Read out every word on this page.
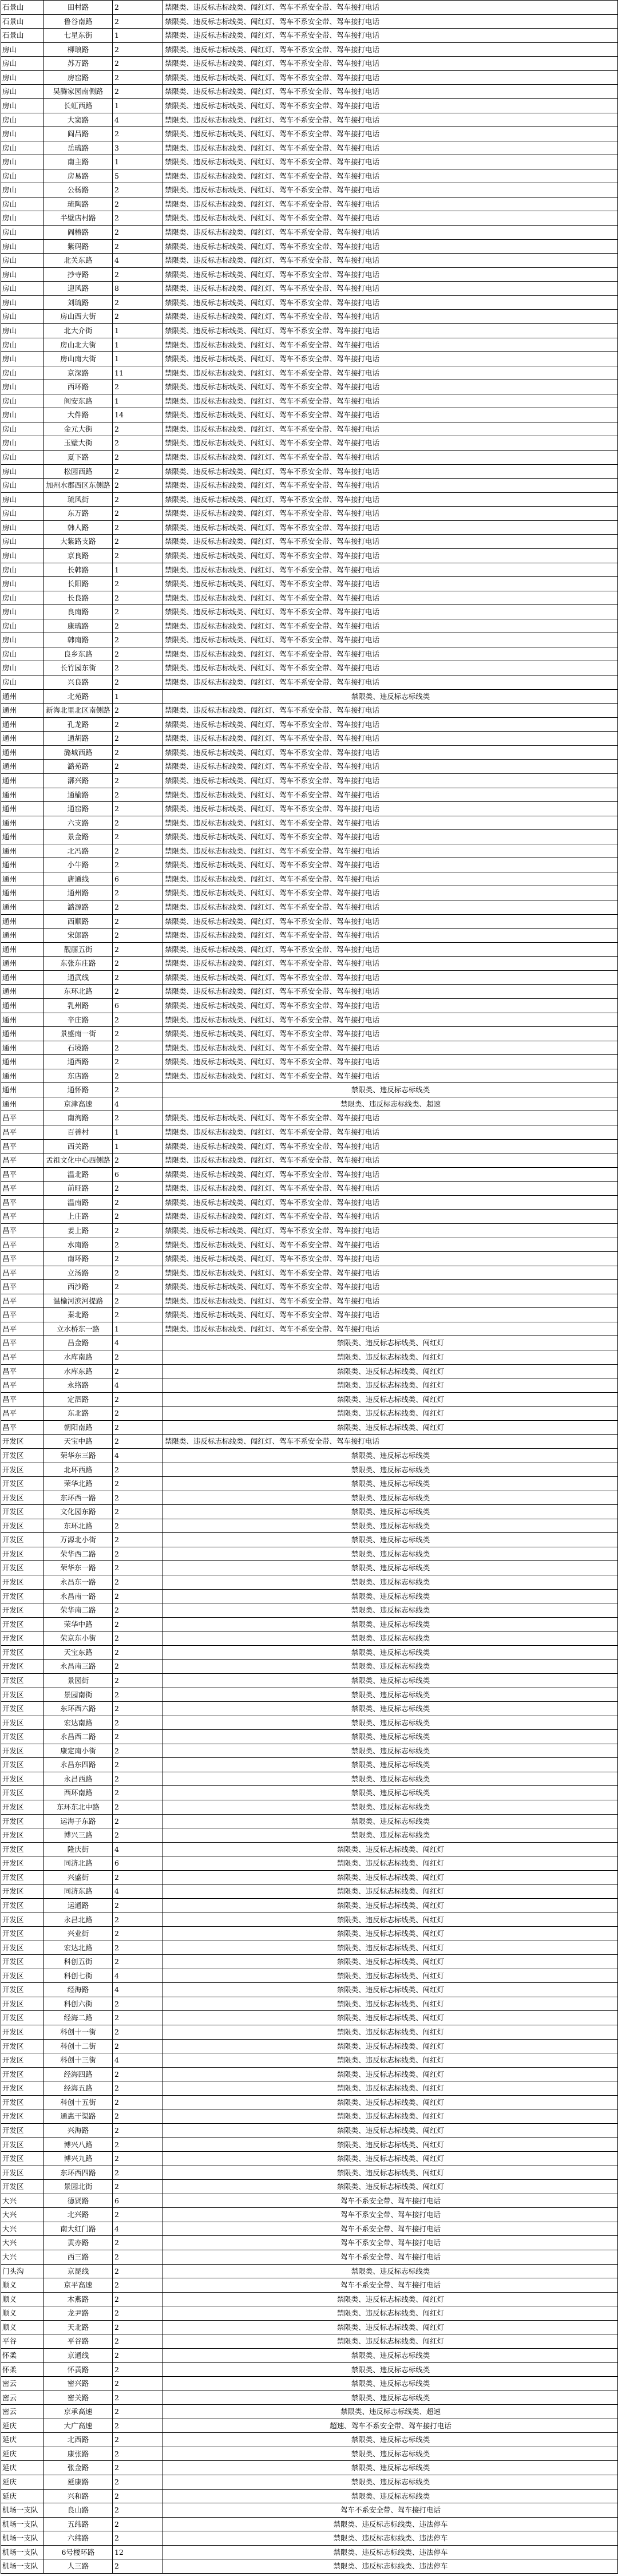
石景山	田村路	2	禁限类、违反标志标线类、闯红灯、驾车不系安全带、驾车接打电话
石景山	鲁谷南路	2	禁限类、违反标志标线类、闯红灯、驾车不系安全带、驾车接打电话
石景山	七星东街	1	禁限类、违反标志标线类、闯红灯、驾车不系安全带、驾车接打电话
房山	柳琅路	2	禁限类、违反标志标线类、闯红灯、驾车不系安全带、驾车接打电话
房山	苏万路	2	禁限类、违反标志标线类、闯红灯、驾车不系安全带、驾车接打电话
房山	房窑路	2	禁限类、违反标志标线类、闯红灯、驾车不系安全带、驾车接打电话
房山	昊腾家园南侧路	2	禁限类、违反标志标线类、闯红灯、驾车不系安全带、驾车接打电话
房山	长虹西路	1	禁限类、违反标志标线类、闯红灯、驾车不系安全带、驾车接打电话
房山	大窦路	4	禁限类、违反标志标线类、闯红灯、驾车不系安全带、驾车接打电话
房山	阎吕路	2	禁限类、违反标志标线类、闯红灯、驾车不系安全带、驾车接打电话
房山	岳琉路	3	禁限类、违反标志标线类、闯红灯、驾车不系安全带、驾车接打电话
房山	南主路	1	禁限类、违反标志标线类、闯红灯、驾车不系安全带、驾车接打电话
房山	房易路	5	禁限类、违反标志标线类、闯红灯、驾车不系安全带、驾车接打电话
房山	公杨路	2	禁限类、违反标志标线类、闯红灯、驾车不系安全带、驾车接打电话
房山	琉陶路	2	禁限类、违反标志标线类、闯红灯、驾车不系安全带、驾车接打电话
房山	半壁店村路	2	禁限类、违反标志标线类、闯红灯、驾车不系安全带、驾车接打电话
房山	阎椿路	2	禁限类、违反标志标线类、闯红灯、驾车不系安全带、驾车接打电话
房山	紫码路	2	禁限类、违反标志标线类、闯红灯、驾车不系安全带、驾车接打电话
房山	北关东路	4	禁限类、违反标志标线类、闯红灯、驾车不系安全带、驾车接打电话
房山	抄寺路	2	禁限类、违反标志标线类、闯红灯、驾车不系安全带、驾车接打电话
房山	迎风路	8	禁限类、违反标志标线类、闯红灯、驾车不系安全带、驾车接打电话
房山	刘琉路	2	禁限类、违反标志标线类、闯红灯、驾车不系安全带、驾车接打电话
房山	房山西大街	2	禁限类、违反标志标线类、闯红灯、驾车不系安全带、驾车接打电话
房山	北大介街	1	禁限类、违反标志标线类、闯红灯、驾车不系安全带、驾车接打电话
房山	房山北大街	1	禁限类、违反标志标线类、闯红灯、驾车不系安全带、驾车接打电话
房山	房山南大街	1	禁限类、违反标志标线类、闯红灯、驾车不系安全带、驾车接打电话
房山	京深路	11	禁限类、违反标志标线类、闯红灯、驾车不系安全带、驾车接打电话
房山	西环路	2	禁限类、违反标志标线类、闯红灯、驾车不系安全带、驾车接打电话
房山	阎安东路	1	禁限类、违反标志标线类、闯红灯、驾车不系安全带、驾车接打电话
房山	大件路	14	禁限类、违反标志标线类、闯红灯、驾车不系安全带、驾车接打电话
房山	金元大街	2	禁限类、违反标志标线类、闯红灯、驾车不系安全带、驾车接打电话
房山	玉壁大街	2	禁限类、违反标志标线类、闯红灯、驾车不系安全带、驾车接打电话
房山	夏下路	2	禁限类、违反标志标线类、闯红灯、驾车不系安全带、驾车接打电话
房山	松园西路	2	禁限类、违反标志标线类、闯红灯、驾车不系安全带、驾车接打电话
房山	加州水郡西区东侧路	2	禁限类、违反标志标线类、闯红灯、驾车不系安全带、驾车接打电话
房山	琉风街	2	禁限类、违反标志标线类、闯红灯、驾车不系安全带、驾车接打电话
房山	东万路	2	禁限类、违反标志标线类、闯红灯、驾车不系安全带、驾车接打电话
房山	韩人路	2	禁限类、违反标志标线类、闯红灯、驾车不系安全带、驾车接打电话
房山	大紫路支路	2	禁限类、违反标志标线类、闯红灯、驾车不系安全带、驾车接打电话
房山	京良路	2	禁限类、违反标志标线类、闯红灯、驾车不系安全带、驾车接打电话
房山	长韩路	1	禁限类、违反标志标线类、闯红灯、驾车不系安全带、驾车接打电话
房山	长阳路	2	禁限类、违反标志标线类、闯红灯、驾车不系安全带、驾车接打电话
房山	长良路	2	禁限类、违反标志标线类、闯红灯、驾车不系安全带、驾车接打电话
房山	良南路	2	禁限类、违反标志标线类、闯红灯、驾车不系安全带、驾车接打电话
房山	康琉路	2	禁限类、违反标志标线类、闯红灯、驾车不系安全带、驾车接打电话
房山	韩南路	2	禁限类、违反标志标线类、闯红灯、驾车不系安全带、驾车接打电话
房山	良乡东路	2	禁限类、违反标志标线类、闯红灯、驾车不系安全带、驾车接打电话
房山	长竹园东街	2	禁限类、违反标志标线类、闯红灯、驾车不系安全带、驾车接打电话
房山	兴良路	2	禁限类、违反标志标线类、闯红灯、驾车不系安全带、驾车接打电话
通州	北苑路	1	禁限类、违反标志标线类
通州	新海北里北区南侧路	2	禁限类、违反标志标线类、闯红灯、驾车不系安全带、驾车接打电话
通州	孔龙路	2	禁限类、违反标志标线类、闯红灯、驾车不系安全带、驾车接打电话
通州	通胡路	2	禁限类、违反标志标线类、闯红灯、驾车不系安全带、驾车接打电话
通州	潞城西路	2	禁限类、违反标志标线类、闯红灯、驾车不系安全带、驾车接打电话
通州	潞苑路	2	禁限类、违反标志标线类、闯红灯、驾车不系安全带、驾车接打电话
通州	漷兴路	2	禁限类、违反标志标线类、闯红灯、驾车不系安全带、驾车接打电话
通州	通榆路	2	禁限类、违反标志标线类、闯红灯、驾车不系安全带、驾车接打电话
通州	通窑路	2	禁限类、违反标志标线类、闯红灯、驾车不系安全带、驾车接打电话
通州	六支路	2	禁限类、违反标志标线类、闯红灯、驾车不系安全带、驾车接打电话
通州	景金路	2	禁限类、违反标志标线类、闯红灯、驾车不系安全带、驾车接打电话
通州	北冯路	2	禁限类、违反标志标线类、闯红灯、驾车不系安全带、驾车接打电话
通州	小牛路	2	禁限类、违反标志标线类、闯红灯、驾车不系安全带、驾车接打电话
通州	唐通线	6	禁限类、违反标志标线类、闯红灯、驾车不系安全带、驾车接打电话
通州	通州路	2	禁限类、违反标志标线类、闯红灯、驾车不系安全带、驾车接打电话
通州	潞源路	2	禁限类、违反标志标线类、闯红灯、驾车不系安全带、驾车接打电话
通州	西顺路	2	禁限类、违反标志标线类、闯红灯、驾车不系安全带、驾车接打电话
通州	宋郎路	2	禁限类、违反标志标线类、闯红灯、驾车不系安全带、驾车接打电话
通州	靓丽五街	2	禁限类、违反标志标线类、闯红灯、驾车不系安全带、驾车接打电话
通州	东张东庄路	2	禁限类、违反标志标线类、闯红灯、驾车不系安全带、驾车接打电话
通州	通武线	2	禁限类、违反标志标线类、闯红灯、驾车不系安全带、驾车接打电话
通州	东环北路	2	禁限类、违反标志标线类、闯红灯、驾车不系安全带、驾车接打电话
通州	乳州路	6	禁限类、违反标志标线类、闯红灯、驾车不系安全带、驾车接打电话
通州	辛庄路	2	禁限类、违反标志标线类、闯红灯、驾车不系安全带、驾车接打电话
通州	景盛南一街	2	禁限类、违反标志标线类、闯红灯、驾车不系安全带、驾车接打电话
通州	石境路	2	禁限类、违反标志标线类、闯红灯、驾车不系安全带、驾车接打电话
通州	通西路	2	禁限类、违反标志标线类、闯红灯、驾车不系安全带、驾车接打电话
通州	东店路	2	禁限类、违反标志标线类、闯红灯、驾车不系安全带、驾车接打电话
通州	通怀路	2	禁限类、违反标志标线类
通州	京津高速	4	禁限类、违反标志标线类、超速
昌平	南洵路	2	禁限类、违反标志标线类、闯红灯、驾车不系安全带、驾车接打电话
昌平	百善村	1	禁限类、违反标志标线类、闯红灯、驾车不系安全带、驾车接打电话
昌平	西关路	1	禁限类、违反标志标线类、闯红灯、驾车不系安全带、驾车接打电话
昌平	孟祖文化中心西侧路	2	禁限类、违反标志标线类、闯红灯、驾车不系安全带、驾车接打电话
昌平	温北路	6	禁限类、违反标志标线类、闯红灯、驾车不系安全带、驾车接打电话
昌平	前旺路	2	禁限类、违反标志标线类、闯红灯、驾车不系安全带、驾车接打电话
昌平	温南路	2	禁限类、违反标志标线类、闯红灯、驾车不系安全带、驾车接打电话
昌平	上庄路	2	禁限类、违反标志标线类、闯红灯、驾车不系安全带、驾车接打电话
昌平	姜上路	2	禁限类、违反标志标线类、闯红灯、驾车不系安全带、驾车接打电话
昌平	水南路	2	禁限类、违反标志标线类、闯红灯、驾车不系安全带、驾车接打电话
昌平	南环路	2	禁限类、违反标志标线类、闯红灯、驾车不系安全带、驾车接打电话
昌平	立汤路	2	禁限类、违反标志标线类、闯红灯、驾车不系安全带、驾车接打电话
昌平	西沙路	2	禁限类、违反标志标线类、闯红灯、驾车不系安全带、驾车接打电话
昌平	温榆河滨河提路	2	禁限类、违反标志标线类、闯红灯、驾车不系安全带、驾车接打电话
昌平	秦北路	2	禁限类、违反标志标线类、闯红灯、驾车不系安全带、驾车接打电话
昌平	立水桥东一路	1	禁限类、违反标志标线类、闯红灯、驾车不系安全带、驾车接打电话
昌平	昌金路	4	禁限类、违反标志标线类、闯红灯
昌平	水库南路	2	禁限类、违反标志标线类、闯红灯
昌平	水库东路	2	禁限类、违反标志标线类、闯红灯
昌平	永络路	4	禁限类、违反标志标线类、闯红灯
昌平	定泗路	2	禁限类、违反标志标线类、闯红灯
昌平	东北路	2	禁限类、违反标志标线类、闯红灯
昌平	朝阳南路	2	禁限类、违反标志标线类、闯红灯
开发区	天宝中路	2	禁限类、违反标志标线类、闯红灯、驾车不系安全带、驾车接打电话
开发区	荣华东三路	4	禁限类、违反标志标线类
开发区	北环西路	2	禁限类、违反标志标线类
开发区	荣华北路	2	禁限类、违反标志标线类
开发区	东环西一路	2	禁限类、违反标志标线类
开发区	文化园东路	2	禁限类、违反标志标线类
开发区	东环北路	2	禁限类、违反标志标线类
开发区	万源北小街	2	禁限类、违反标志标线类
开发区	荣华西二路	2	禁限类、违反标志标线类
开发区	荣华东一路	2	禁限类、违反标志标线类
开发区	永昌东一路	2	禁限类、违反标志标线类
开发区	永昌南一路	2	禁限类、违反标志标线类
开发区	荣华南二路	2	禁限类、违反标志标线类
开发区	荣华中路	2	禁限类、违反标志标线类
开发区	荣京东小街	2	禁限类、违反标志标线类
开发区	天宝东路	2	禁限类、违反标志标线类
开发区	永昌南三路	2	禁限类、违反标志标线类
开发区	景园街	2	禁限类、违反标志标线类
开发区	景园南街	2	禁限类、违反标志标线类
开发区	东环西六路	2	禁限类、违反标志标线类
开发区	宏达南路	2	禁限类、违反标志标线类
开发区	永昌西二路	2	禁限类、违反标志标线类
开发区	康定南小街	2	禁限类、违反标志标线类
开发区	永昌东四路	2	禁限类、违反标志标线类
开发区	永昌西路	2	禁限类、违反标志标线类
开发区	西环南路	2	禁限类、违反标志标线类
开发区	东环东北中路	2	禁限类、违反标志标线类
开发区	运海子东路	2	禁限类、违反标志标线类
开发区	博兴三路	2	禁限类、违反标志标线类
开发区	隆庆街	4	禁限类、违反标志标线类、闯红灯
开发区	同济北路	6	禁限类、违反标志标线类、闯红灯
开发区	兴盛街	2	禁限类、违反标志标线类、闯红灯
开发区	同济东路	4	禁限类、违反标志标线类、闯红灯
开发区	运通路	2	禁限类、违反标志标线类、闯红灯
开发区	永昌北路	2	禁限类、违反标志标线类、闯红灯
开发区	兴业街	2	禁限类、违反标志标线类、闯红灯
开发区	宏达北路	2	禁限类、违反标志标线类、闯红灯
开发区	科创五街	2	禁限类、违反标志标线类、闯红灯
开发区	科创七街	4	禁限类、违反标志标线类、闯红灯
开发区	经海路	4	禁限类、违反标志标线类、闯红灯
开发区	科创六街	2	禁限类、违反标志标线类、闯红灯
开发区	经海二路	2	禁限类、违反标志标线类、闯红灯
开发区	科创十一街	2	禁限类、违反标志标线类、闯红灯
开发区	科创十二街	2	禁限类、违反标志标线类、闯红灯
开发区	科创十三街	4	禁限类、违反标志标线类、闯红灯
开发区	经海四路	2	禁限类、违反标志标线类、闯红灯
开发区	经海五路	2	禁限类、违反标志标线类、闯红灯
开发区	科创十五街	2	禁限类、违反标志标线类、闯红灯
开发区	通惠干渠路	2	禁限类、违反标志标线类、闯红灯
开发区	兴海路	2	禁限类、违反标志标线类、闯红灯
开发区	博兴八路	2	禁限类、违反标志标线类、闯红灯
开发区	博兴九路	2	禁限类、违反标志标线类、闯红灯
开发区	东环西四路	2	禁限类、违反标志标线类、闯红灯
开发区	景园北街	2	禁限类、违反标志标线类、闯红灯
大兴	德贤路	6	驾车不系安全带、驾车接打电话
大兴	北兴路	2	驾车不系安全带、驾车接打电话
大兴	南大红门路	4	驾车不系安全带、驾车接打电话
大兴	黄亦路	2	驾车不系安全带、驾车接打电话
大兴	西三路	2	驾车不系安全带、驾车接打电话
门头沟	京昆线	2	禁限类、违反标志标线类
顺义	京平高速	2	驾车不系安全带、驾车接打电话
顺义	木燕路	2	禁限类、违反标志标线类、闯红灯
顺义	龙尹路	2	禁限类、违反标志标线类、闯红灯
顺义	天北路	2	禁限类、违反标志标线类、闯红灯
平谷	平谷路	2	禁限类、违反标志标线类、闯红灯
怀柔	京通线	2	禁限类、违反标志标线类
怀柔	怀黄路	2	禁限类、违反标志标线类
密云	密兴路	2	禁限类、违反标志标线类
密云	密关路	2	禁限类、违反标志标线类
密云	京承高速	2	禁限类、违反标志标线类、超速
延庆	大广高速	2	超速、驾车不系安全带、驾车接打电话
延庆	北西路	2	禁限类、违反标志标线类
延庆	康张路	2	禁限类、违反标志标线类
延庆	张金路	2	禁限类、违反标志标线类
延庆	延康路	2	禁限类、违反标志标线类
延庆	兴和路	2	禁限类、违反标志标线类
机场一支队	良山路	2	驾车不系安全带、驾车接打电话
机场一支队	五纬路	2	禁限类、违反标志标线类、违法停车
机场一支队	六纬路	2	禁限类、违反标志标线类、违法停车
机场一支队	6号楼环路	12	禁限类、违反标志标线类、违法停车
机场一支队	人三路	2	禁限类、违反标志标线类、违法停车
